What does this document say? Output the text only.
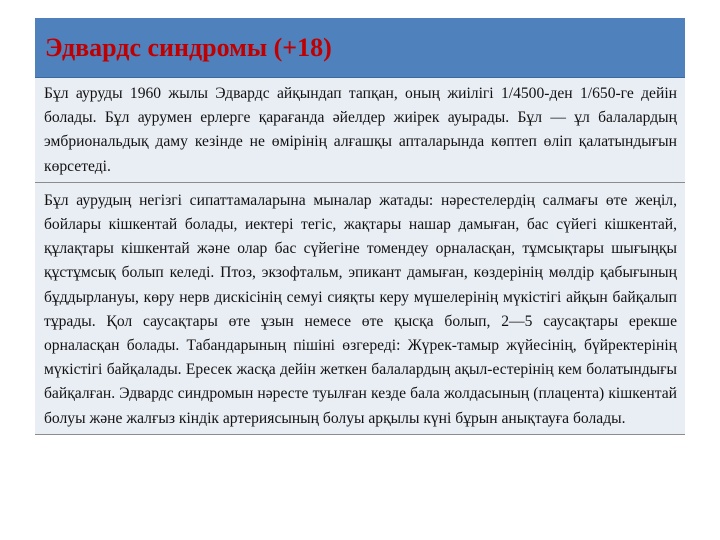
Эдвардс синдромы (+18)
Бұл ауруды 1960 жылы Эдвардс айқындап тапқан, оның жиілігі 1/4500-ден 1/650-ге дейін болады. Бұл аурумен ерлерге қарағанда әйелдер жиірек ауырады. Бұл — ұл балалардың эмбриональдық даму кезінде не өмірінің алғашқы апталарында көптеп өліп қалатындығын көрсетеді.
Бұл аурудың негізгі сипаттамаларына мыналар жатады: нәрестелердің салмағы өте жеңіл, бойлары кішкентай болады, иектері тегіс, жақтары нашар дамыған, бас сүйегі кішкентай, құлақтары кішкентай және олар бас сүйегіне томендеу орналасқан, тұмсықтары шығыңқы құстұмсық болып келеді. Птоз, экзофтальм, эпикант дамыған, көздерінің мөлдір қабығының бұддырлануы, көру нерв дискісінің семуі сияқты керу мүшелерінің мүкістігі айқын байқалып тұрады. Қол саусақтары өте ұзын немесе өте қысқа болып, 2—5 саусақтары ерекше орналасқан болады. Табандарының пішіні өзгереді: Жүрек-тамыр жүйесінің, бүйректерінің мүкістігі байқалады. Ересек жасқа дейін жеткен балалардың ақыл-естерінің кем болатындығы байқалған. Эдвардс синдромын нәресте туылған кезде бала жолдасының (плацента) кішкентай болуы және жалғыз кіндік артериясының болуы арқылы күні бұрын анықтауға болады.
